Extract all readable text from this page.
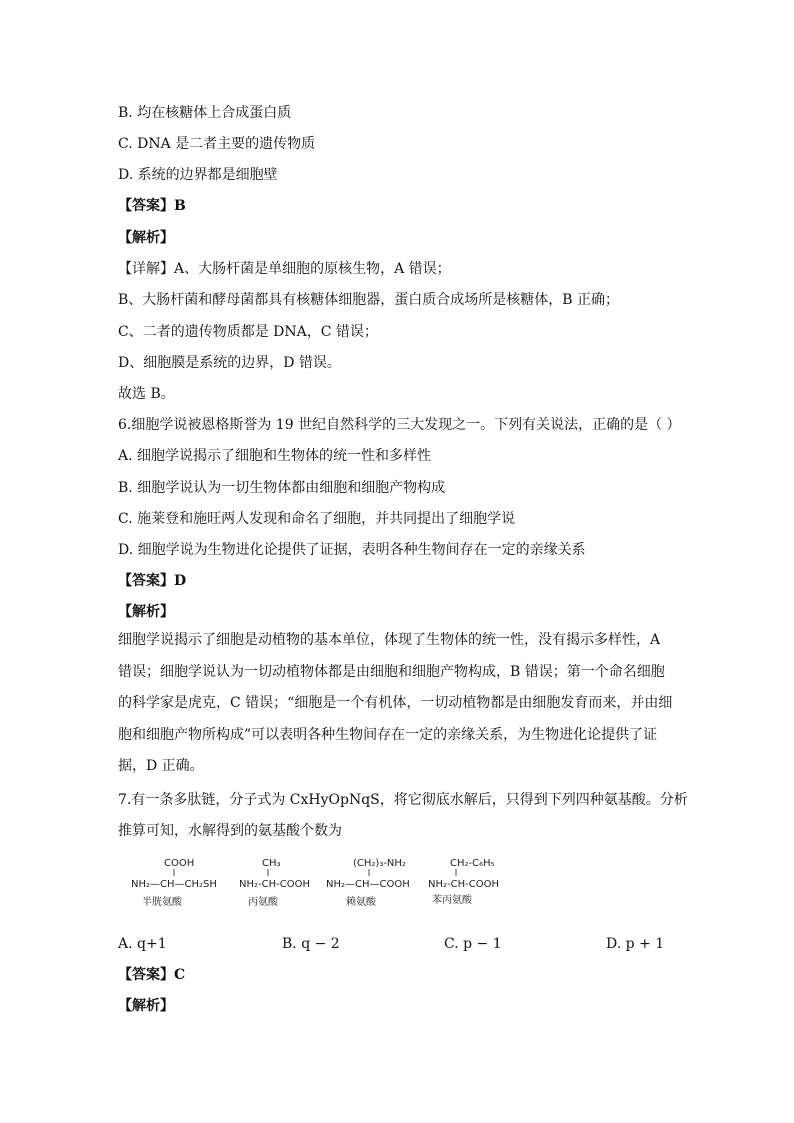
B. 均在核糖体上合成蛋白质
C. DNA 是二者主要的遗传物质
D. 系统的边界都是细胞壁
【答案】B
【解析】
【详解】A、大肠杆菌是单细胞的原核生物，A 错误；
B、大肠杆菌和酵母菌都具有核糖体细胞器，蛋白质合成场所是核糖体，B 正确；
C、二者的遗传物质都是 DNA，C 错误；
D、细胞膜是系统的边界，D 错误。
故选 B。
6.细胞学说被恩格斯誉为 19 世纪自然科学的三大发现之一。下列有关说法，正确的是（ ）
A. 细胞学说揭示了细胞和生物体的统一性和多样性
B. 细胞学说认为一切生物体都由细胞和细胞产物构成
C. 施莱登和施旺两人发现和命名了细胞，并共同提出了细胞学说
D. 细胞学说为生物进化论提供了证据，表明各种生物间存在一定的亲缘关系
【答案】D
【解析】
细胞学说揭示了细胞是动植物的基本单位，体现了生物体的统一性，没有揭示多样性，A 错误；细胞学说认为一切动植物体都是由细胞和细胞产物构成，B 错误；第一个命名细胞的科学家是虎克，C 错误；“细胞是一个有机体，一切动植物都是由细胞发育而来，并由细胞和细胞产物所构成”可以表明各种生物间存在一定的亲缘关系，为生物进化论提供了证据，D 正确。
7.有一条多肽链，分子式为 CxHyOpNqS，将它彻底水解后，只得到下列四种氨基酸。分析
推算可知，水解得到的氨基酸个数为
COOH
NH₂—CH—CH₂SH
半胱氨酸
CH₃
NH₂-CH-COOH
丙氨酸
(CH₂)₃-NH₂
NH₂—CH—COOH
赖氨酸
CH₂-C₆H₅
NH₂-CH-COOH
苯丙氨酸
A. q+1	B. q − 2	C. p − 1	D. p + 1
【答案】C
【解析】
